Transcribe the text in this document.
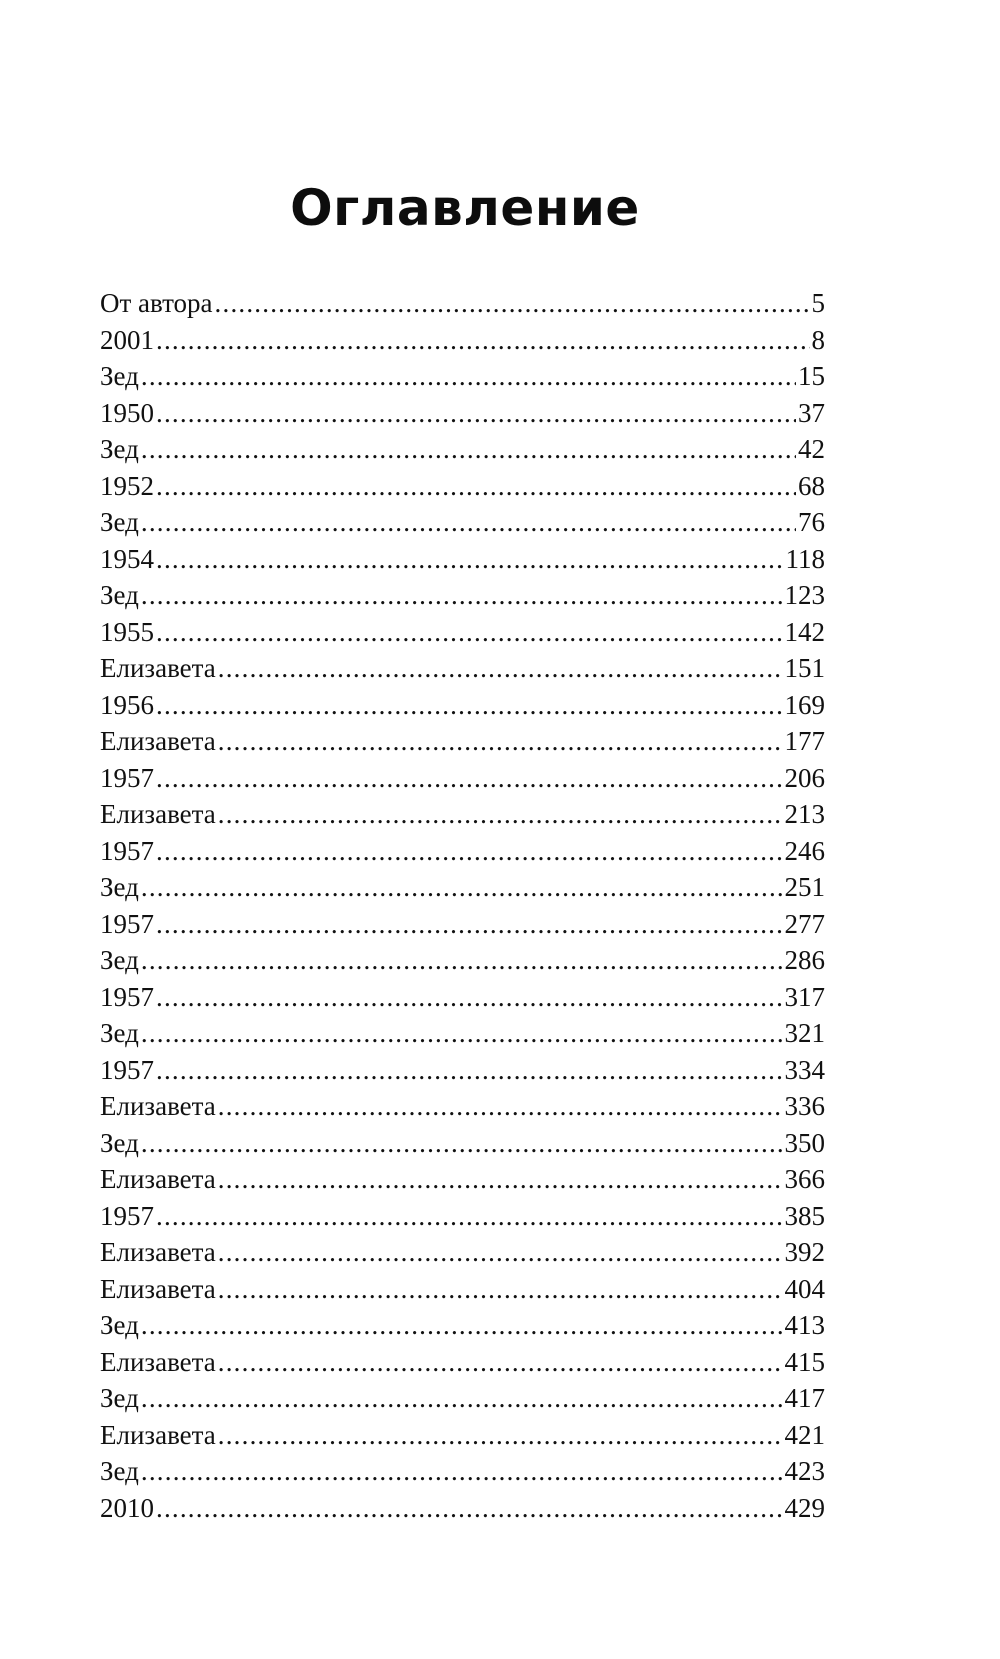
Оглавление
От автора .....	5
2001 .....	8
Зед .....	15
1950 .....	37
Зед .....	42
1952 .....	68
Зед .....	76
1954 .....	118
Зед .....	123
1955 .....	142
Елизавета .....	151
1956 .....	169
Елизавета .....	177
1957 .....	206
Елизавета .....	213
1957 .....	246
Зед .....	251
1957 .....	277
Зед .....	286
1957 .....	317
Зед .....	321
1957 .....	334
Елизавета .....	336
Зед .....	350
Елизавета .....	366
1957 .....	385
Елизавета .....	392
Елизавета .....	404
Зед .....	413
Елизавета .....	415
Зед .....	417
Елизавета .....	421
Зед .....	423
2010 .....	429
